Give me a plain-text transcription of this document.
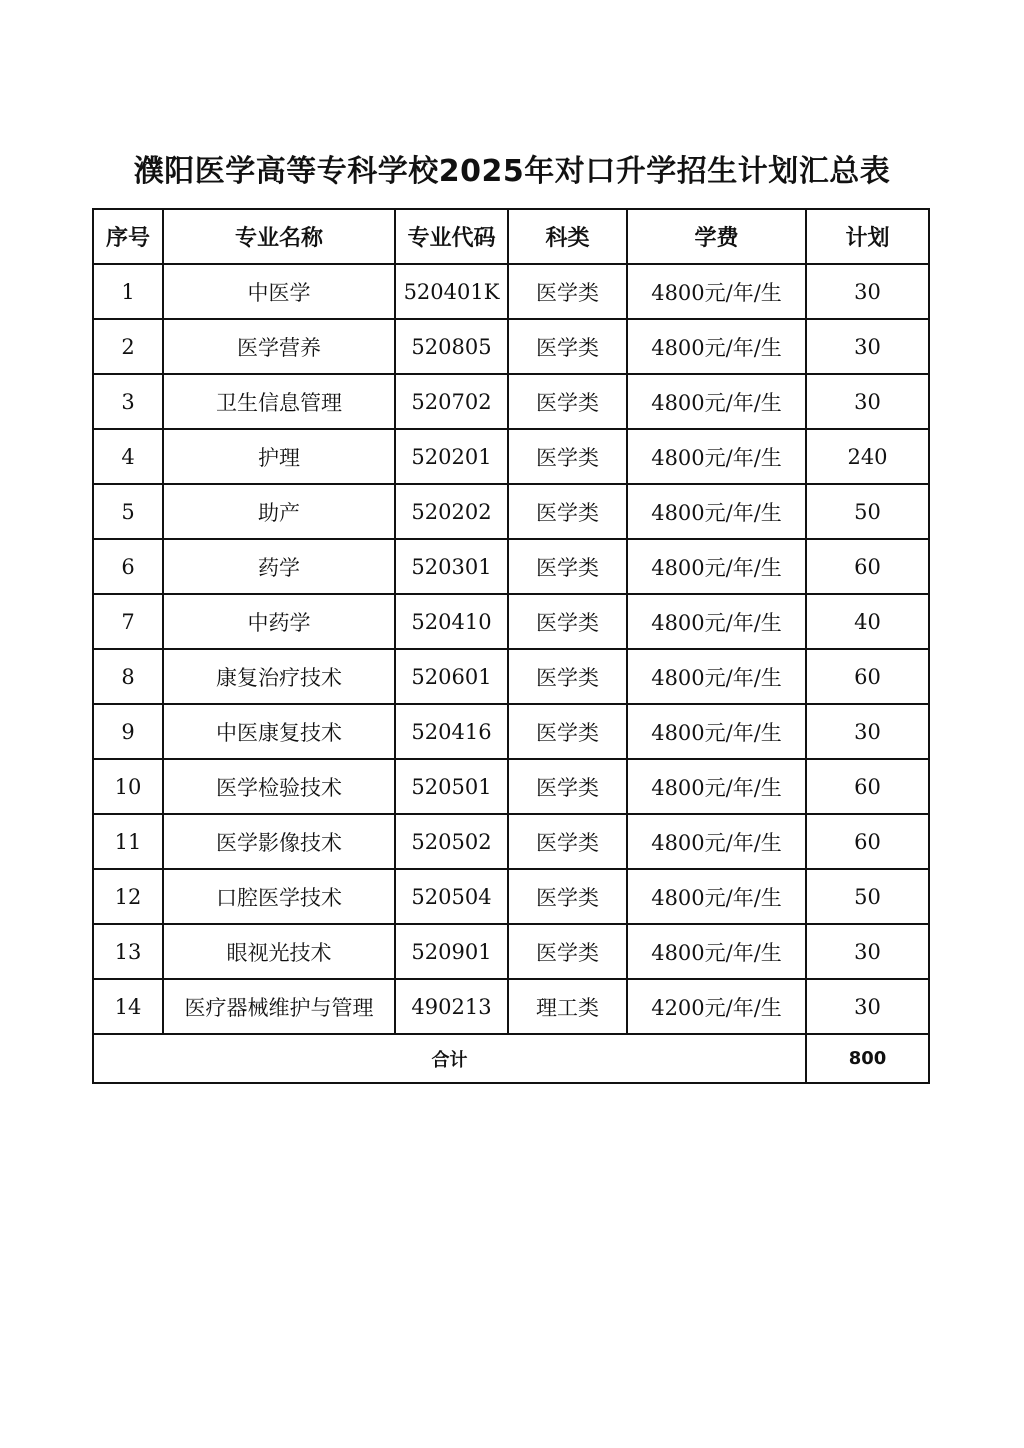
濮阳医学高等专科学校2025年对口升学招生计划汇总表
序号	专业名称	专业代码	科类	学费	计划
1	中医学	520401K	医学类	4800元/年/生	30
2	医学营养	520805	医学类	4800元/年/生	30
3	卫生信息管理	520702	医学类	4800元/年/生	30
4	护理	520201	医学类	4800元/年/生	240
5	助产	520202	医学类	4800元/年/生	50
6	药学	520301	医学类	4800元/年/生	60
7	中药学	520410	医学类	4800元/年/生	40
8	康复治疗技术	520601	医学类	4800元/年/生	60
9	中医康复技术	520416	医学类	4800元/年/生	30
10	医学检验技术	520501	医学类	4800元/年/生	60
11	医学影像技术	520502	医学类	4800元/年/生	60
12	口腔医学技术	520504	医学类	4800元/年/生	50
13	眼视光技术	520901	医学类	4800元/年/生	30
14	医疗器械维护与管理	490213	理工类	4200元/年/生	30
合计					800
